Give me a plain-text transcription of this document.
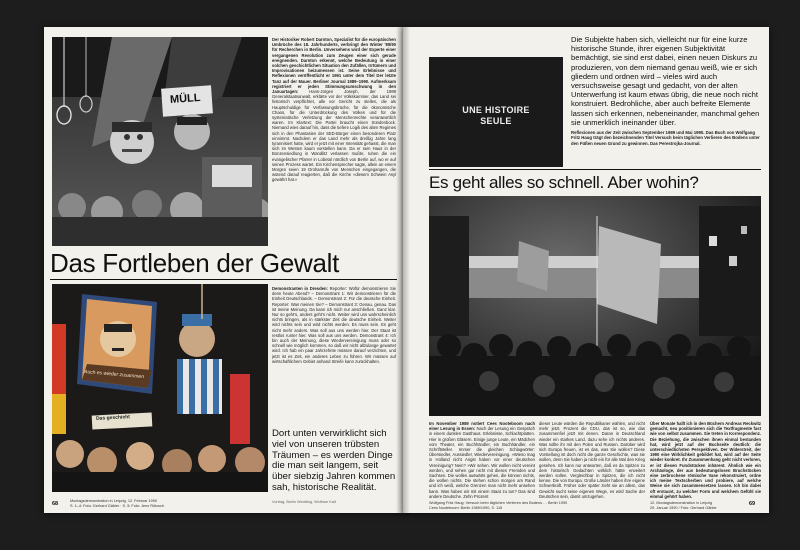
MÜLL
Der Historiker Robert Darnton, Spezialist für die europäischen Umbrüche des 18. Jahrhunderts, verbringt den Winter '89/90 für Recherchen in Berlin. Unversehens wird der Experte einer vergangenen Revolution zum Zeugen einer sich gerade ereignenden. Darnton erkennt, welche Bedeutung in einer solchen geschichtlichen Situation den Zufällen, Irrtümern und Improvisationen beizumessen ist. Seine Erlebnisse und Reflexionen veröffentlicht er 1991 unter dem Titel Der letzte Tanz auf der Mauer. Berliner Journal 1989–1990. Aufmerksam registriert er jeden Stimmungsumschwung in den Januartagen:	Hans-Jürgen Joseph, der 1989 Generalstaatsanwalt, erklärte vor der Volkskammer, das Land sei historisch verpflichtet, alle vor Gericht zu stellen, die als Hauptschuldige für Verfassungsbrüche, für die ökonomische Chaos, für die Unterdrückung des Volkes und für die systematische Verletzung der Menschenrechte verantwortlich waren. Im Klartext: Die Partei braucht einen Sündenbock. Niemand wies darauf hin, dass die tiefere Logik des alten Regimes sich in den Phantasien der SED-Bürger einen besonderen Platz einnimmt. Nachdem er das Land mehr als dreißig Jahre lang tyrannisiert hatte, wird er jetzt mit einer Intensität gehasst, die man sich im Westen kaum vorstellen kann. Da er sein Haus in der Bonzensiedlung in Wandlitz verlassen mußte, ruhen die ein evangelischer Pfarrer in Lobetal nördlich von Berlin auf, wo er auf seinen Prozess wartet. Ein Kirchensprecher sagte, allein an einem Morgen seien 19 Drohanrufe von Menschen eingegangen, die wütend darauf reagierten, daß die Kirche »diesem Schwein Asyl gewährt hat.«
Das Fortleben der Gewalt
Auch es wieder zusammen
Das geschieht
Demonstranten in Dresden: Reporter: Wofür demonstrieren Sie denn heute Abend? – Demonstrant 1: Wir demonstrieren für die Einheit Deutschlands. – Demonstrant 2: Für die deutsche Einheit. Reporter: Was meinen Sie? – Demonstrant 3: Genau, genau. Das ist meine Meinung. Da kann ich mich nur anschließen. Ganz klar. Nur so geht's, anders geht's nicht. Weiter wird uns wahrscheinlich nichts bringen, als in stärkster Zeit die deutsche Einheit. Weiter wird nichts sein und wird nichts werden. Es muss sein. Es geht nicht mehr anders. Was soll aus uns werden hier. Der Staat ist restlos runter hier. Was soll aus uns werden. Demonstrant 4: Ich bin auch der Meinung, diese Wiedervereinigung muss oder so schnell wie möglich kommen, so daß wir nicht allzulange gewartet wird. Ich hab ein paar Jahrzehnte müssen darauf verzichten, und jetzt ist es Zeit, ein anderes Leben zu führen. Wir müssen auf wirtschaftlichem Gebiet anhand Streife kann zurückhalten.
Dort unten verwirklicht sich viel von unseren trübsten Träumen – es werden Dinge die man seit langem, seit über siebzig Jahren kommen sah, historische Realität.
68	Montagsdemonstration in Leipzig, 12. Februar 1990
S. 1–4: Foto: Gerhard Gäbler · S. 5: Foto: Jens Rötzsch
Vortrag, Berlin Wedding, Wolfram Kalt
UNE HISTOIRE
SEULE
Die Subjekte haben sich, vielleicht nur für eine kurze historische Stunde, ihrer eigenen Subjektivität bemächtigt, sie sind erst dabei, einen neuen Diskurs zu produzieren, von dem niemand genau weiß, wie er sich gliedern und ordnen wird – vieles wird auch versuchsweise gesagt und gedacht, von der alten Unterwerfung ist kaum etwas übrig, die neue noch nicht konstruiert. Bedrohliche, aber auch befreite Elemente lassen sich erkennen, nebeneinander, manchmal gehen sie unmerklich ineinander über.
Reflexionen aus der Zeit zwischen September 1989 und Mai 1990. Das Buch von Wolfgang Fritz Haug trägt den bezeichnenden Titel Versuch beim täglichen Verlieren des Bodens unter den Füßen neuen Grund zu gewinnen. Das Perestrojka-Journal.
Es geht alles so schnell. Aber wohin?
Im November 1989 notiert Cees Nooteboom nach einer Lesung in Essen: Nach der Lesung ein Gespräch in einem dunklen Gasthaus. Erlebnisse, Schlachtplatten. Hier in großen Gläsern. Einige junge Leute, ein Mädchen vom Theater, ein Buchhändler, ein Buchhändler, ein Schriftsteller. Immer die gleichen Schlagwörter: Übersiedler, Aussiedler, Wiedervereinigung. »Wieso mag in Holland nicht Angst haben vor einer deutschen Vereinigung? Nein? »Wir sehen. Wir wollen nicht vereint werden, und sehen gar nicht mit diesen Fremden und Sachsen. Die wollen auswärts gehen, die können nichts, die wollen nichts. Die stehen schon morgen am Rand und ich weiß, welche Grenzen man nicht mehr ansehen kann. Was haben wir mit einem Staat zu tun? Das sind andere Deutsche. Zehn Prozent
dieser Leute würden die Republikaner wählen, und nicht mehr jetzt. Prozent die CDU, das ist so, wie das zusammenfiel jetzt mit denen. Daran in Deutschland wieder ein starkes Land, dazu sehe ich nichts anderes. Was sollte ihr mit den Polen und Russen. Darüber wird sich Europa freuen, ist es das, was Sie wollen? Diese Vorstellung ist doch nicht die ganze Geschichte, was sie wollen, denn Sie haben ja nicht ein für alle Mal den Krieg gesehen. Ich kann nur antworten, daß es da Spitzen zu dem historisch Gedachten wirklich hätte erweitert werden sollen. Vergleichbar in Spitzen, die ich nicht kenne. Die von Europa. Große Länder haben ihre eigene Schwerkraft. Früher oder später zieht sie an allem, das Gewicht sucht seine eigenen Wege, es wird Sache der Deutschen sein, damit umzugehen.
Über Monate hallt ich in den Büchern Andreas Reckwitz gemacht, neu positionieren sich die Textfragmente fast wie von selbst zusammen. Sie treten in Korrespondenz. Die Beziehung, die zwischen ihnen einmal bestanden hat, wird jetzt auf der Buchseite deutlich: die unterschiedlichsten Perspektiven. Der Widerstreit, der 1990 eine Wirklichkeit gebildet hat, wird auf der Seite wieder konkret. Ihr Zusammenhang geht nicht verloren, er ist diesen Fundstücken inhärent. Ähnlich wie ein Archäologe, der aus bedeutungslosen Bruchstücken eine zerbrochene römische Vase rekonstruiert, ordne ich meine Textscherben und probiere, auf welche Weise sie sich zusammensetzen lassen. Ich bin dabei oft erstaunt, zu welcher Form und welchem Gefühl sie einmal gehört haben.
Wolfgang Fritz Haug: Versuch beim täglichen Verlieren des Bodens … Berlin 1990
Cees Nooteboom: Berlin 1989/1990, S. 115
12. Montagsdemonstration in Leipzig
29. Januar 1990 / Foto: Gerhard Gäbler
69
